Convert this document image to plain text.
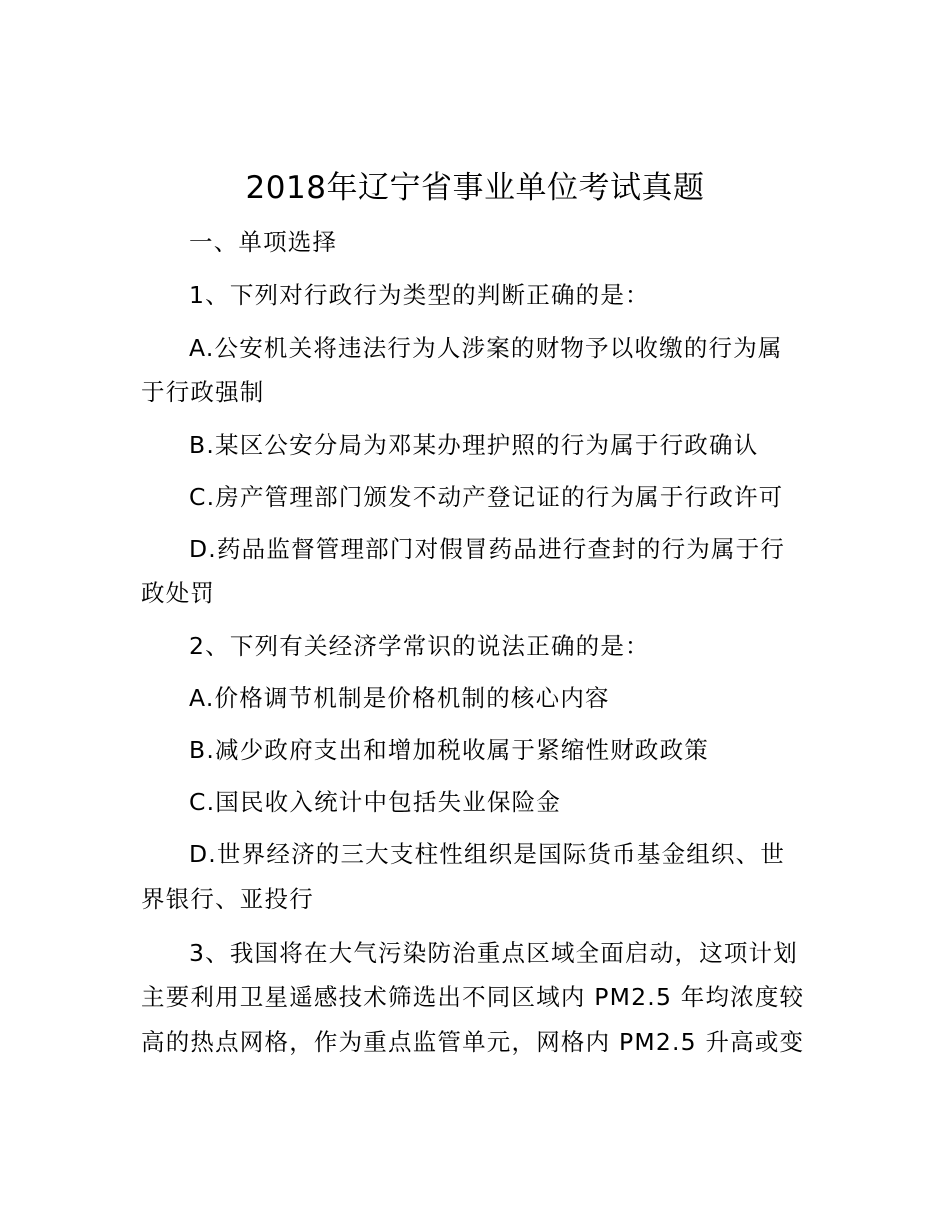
2018年辽宁省事业单位考试真题
一、单项选择
1、下列对行政行为类型的判断正确的是：
A.公安机关将违法行为人涉案的财物予以收缴的行为属
于行政强制
B.某区公安分局为邓某办理护照的行为属于行政确认
C.房产管理部门颁发不动产登记证的行为属于行政许可
D.药品监督管理部门对假冒药品进行查封的行为属于行
政处罚
2、下列有关经济学常识的说法正确的是：
A.价格调节机制是价格机制的核心内容
B.减少政府支出和增加税收属于紧缩性财政政策
C.国民收入统计中包括失业保险金
D.世界经济的三大支柱性组织是国际货币基金组织、世
界银行、亚投行
3、我国将在大气污染防治重点区域全面启动，这项计划
主要利用卫星遥感技术筛选出不同区域内 PM2.5 年均浓度较
高的热点网格，作为重点监管单元，网格内 PM2.5 升高或变
